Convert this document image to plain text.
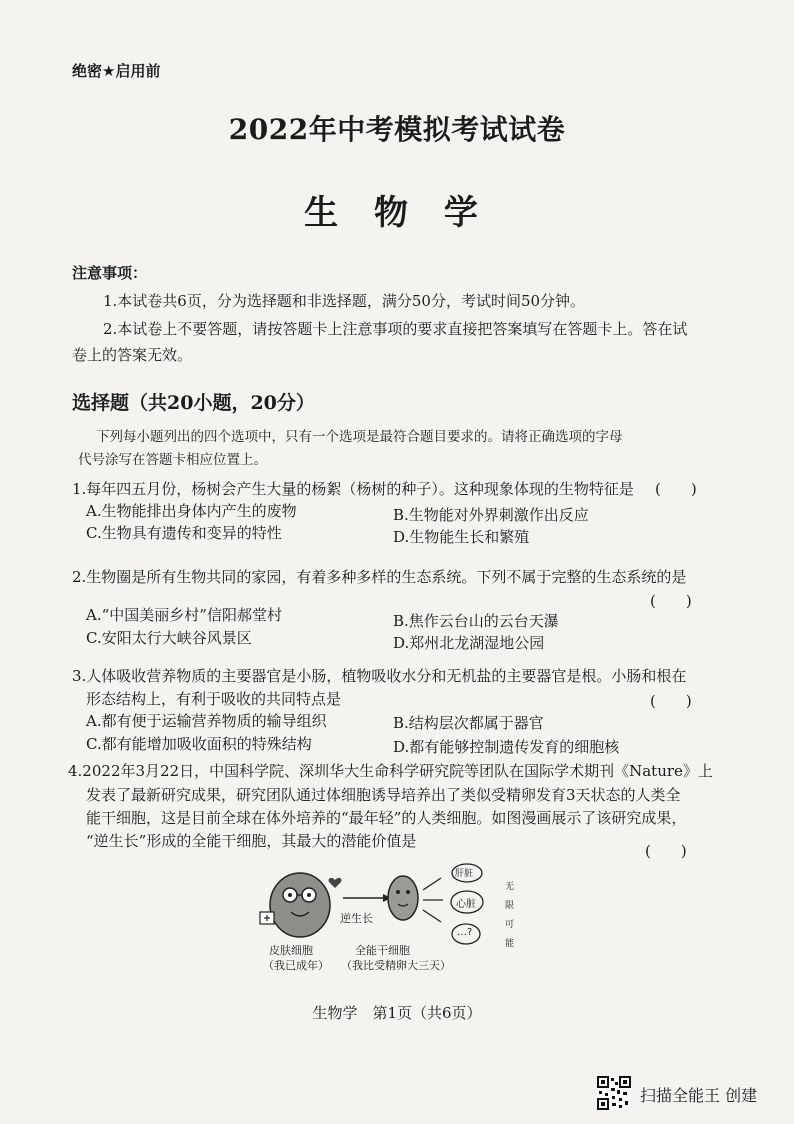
绝密★启用前
2022年中考模拟考试试卷
生 物 学
注意事项：
1.本试卷共6页，分为选择题和非选择题，满分50分，考试时间50分钟。
2.本试卷上不要答题，请按答题卡上注意事项的要求直接把答案填写在答题卡上。答在试
卷上的答案无效。
选择题（共20小题，20分）
下列每小题列出的四个选项中，只有一个选项是最符合题目要求的。请将正确选项的字母
代号涂写在答题卡相应位置上。
1.每年四五月份，杨树会产生大量的杨絮（杨树的种子）。这种现象体现的生物特征是 (　　)
A.生物能排出身体内产生的废物	B.生物能对外界刺激作出反应
C.生物具有遗传和变异的特性	D.生物能生长和繁殖
2.生物圈是所有生物共同的家园，有着多种多样的生态系统。下列不属于完整的生态系统的是
(　　)
A.“中国美丽乡村”信阳郝堂村	B.焦作云台山的云台天瀑
C.安阳太行大峡谷风景区	D.郑州北龙湖湿地公园
3.人体吸收营养物质的主要器官是小肠，植物吸收水分和无机盐的主要器官是根。小肠和根在
形态结构上，有利于吸收的共同特点是	(　　)
A.都有便于运输营养物质的输导组织	B.结构层次都属于器官
C.都有能增加吸收面积的特殊结构	D.都有能够控制遗传发育的细胞核
4.2022年3月22日，中国科学院、深圳华大生命科学研究院等团队在国际学术期刊《Nature》上
发表了最新研究成果，研究团队通过体细胞诱导培养出了类似受精卵发育3天状态的人类全
能干细胞，这是目前全球在体外培养的“最年轻”的人类细胞。如图漫画展示了该研究成果，
“逆生长”形成的全能干细胞，其最大的潜能价值是
(　　)
逆生长
肝脏
心脏
…?
无限可能
皮肤细胞
（我已成年）
全能干细胞
（我比受精卵大三天）
生物学　第1页（共6页）
扫描全能王 创建
